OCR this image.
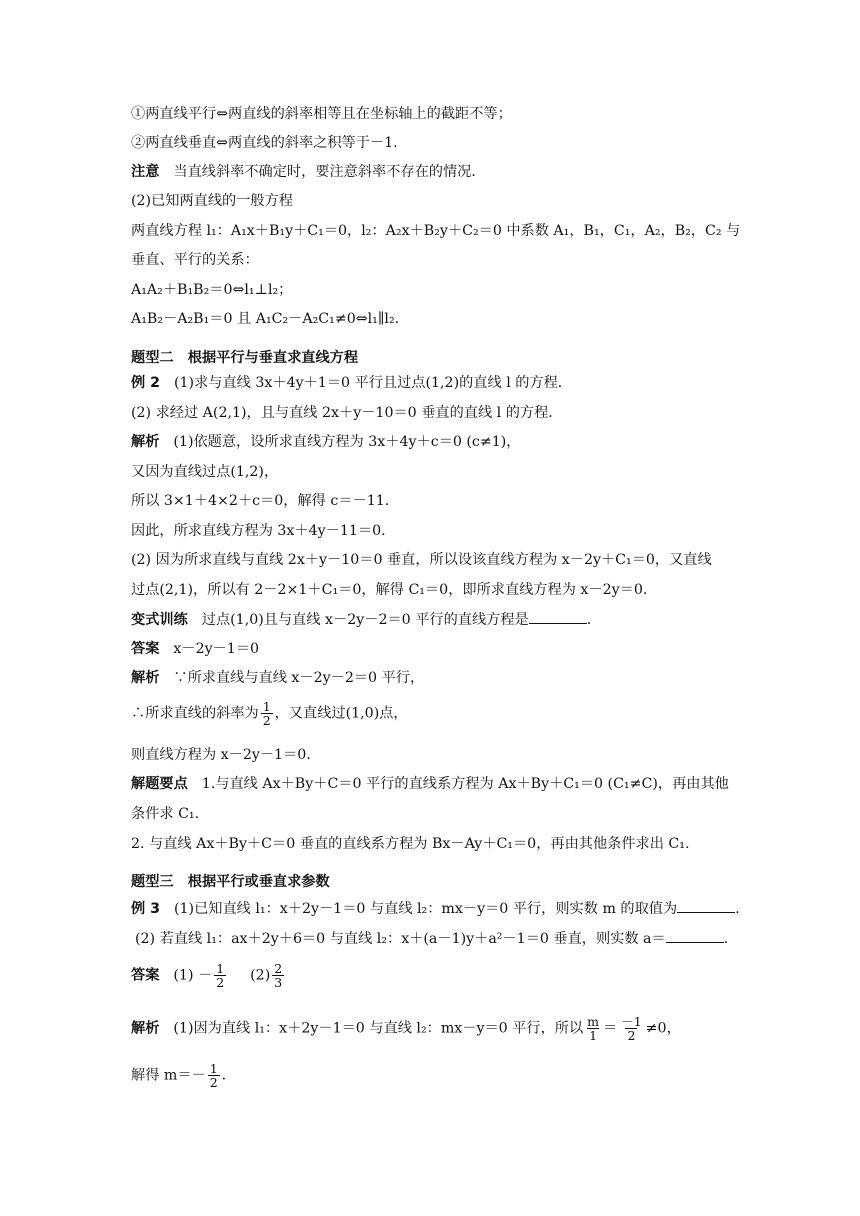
①两直线平行⇔两直线的斜率相等且在坐标轴上的截距不等；
②两直线垂直⇔两直线的斜率之积等于－1.
注意 当直线斜率不确定时，要注意斜率不存在的情况．
(2)已知两直线的一般方程
两直线方程 l₁：A₁x＋B₁y＋C₁＝0，l₂：A₂x＋B₂y＋C₂＝0 中系数 A₁，B₁，C₁，A₂，B₂，C₂ 与
垂直、平行的关系：
A₁A₂＋B₁B₂＝0⇔l₁⊥l₂；
A₁B₂－A₂B₁＝0 且 A₁C₂－A₂C₁≠0⇔l₁∥l₂.
题型二　根据平行与垂直求直线方程
例 2 (1)求与直线 3x＋4y＋1＝0 平行且过点(1,2)的直线 l 的方程．
(2) 求经过 A(2,1)，且与直线 2x＋y－10＝0 垂直的直线 l 的方程．
解析 (1)依题意，设所求直线方程为 3x＋4y＋c＝0 (c≠1)，
又因为直线过点(1,2)，
所以 3×1＋4×2＋c＝0，解得 c＝－11.
因此，所求直线方程为 3x＋4y－11＝0.
(2) 因为所求直线与直线 2x＋y－10＝0 垂直，所以设该直线方程为 x－2y＋C₁＝0，又直线
过点(2,1)，所以有 2－2×1＋C₁＝0，解得 C₁＝0，即所求直线方程为 x－2y＝0.
变式训练 过点(1,0)且与直线 x－2y－2＝0 平行的直线方程是	.
答案 x－2y－1＝0
解析 ∵所求直线与直线 x－2y－2＝0 平行，
∴所求直线的斜率为 $\frac{1}{2}$ ，又直线过(1,0)点，
则直线方程为 x－2y－1＝0.
解题要点 1.与直线 Ax＋By＋C＝0 平行的直线系方程为 Ax＋By＋C₁＝0 (C₁≠C)，再由其他
条件求 C₁.
2. 与直线 Ax＋By＋C＝0 垂直的直线系方程为 Bx－Ay＋C₁＝0，再由其他条件求出 C₁.
题型三　根据平行或垂直求参数
例 3 (1)已知直线 l₁：x＋2y－1＝0 与直线 l₂：mx－y＝0 平行，则实数 m 的取值为	.
(2) 若直线 l₁：ax＋2y＋6＝0 与直线 l₂：x＋(a－1)y＋a²－1＝0 垂直，则实数 a＝	.
答案 $(1) - \frac{1}{2} (2) \frac{2}{3}$
解析 (1)因为直线 l₁：x＋2y－1＝0 与直线 l₂：mx－y＝0 平行，所以 $\frac{m}{1} = \frac{-1}{2} \ne 0$，
解得 $m=- \frac{1}{2}$ .
